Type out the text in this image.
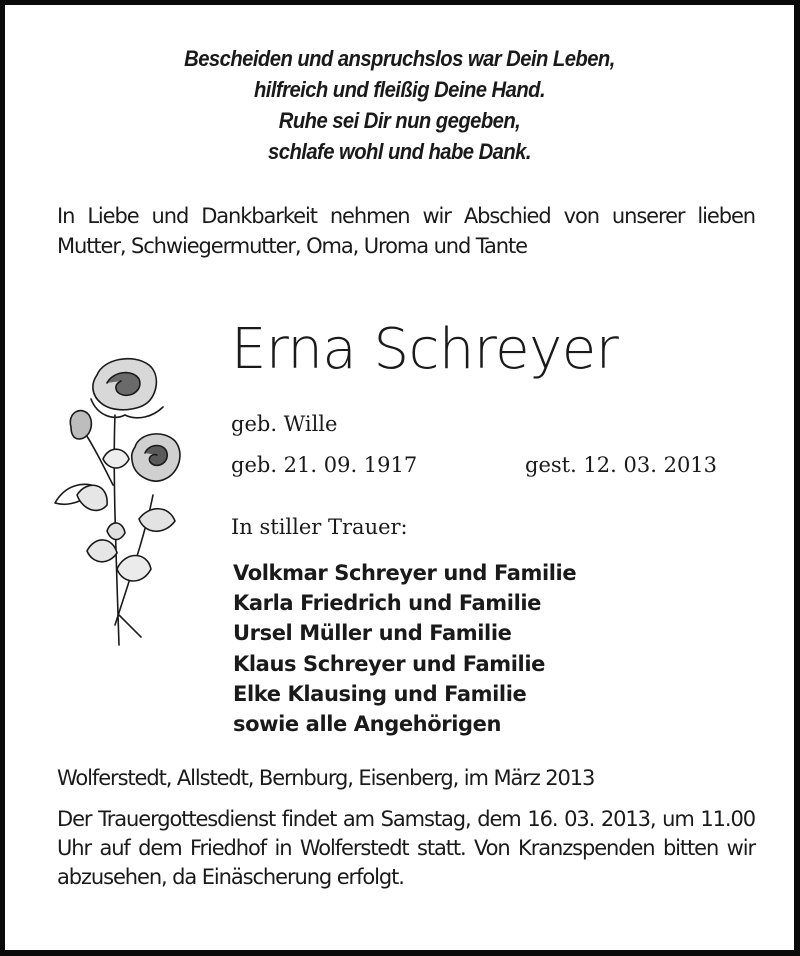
Bescheiden und anspruchslos war Dein Leben,
hilfreich und fleißig Deine Hand.
Ruhe sei Dir nun gegeben,
schlafe wohl und habe Dank.
In Liebe und Dankbarkeit nehmen wir Abschied von unserer lieben Mutter, Schwiegermutter, Oma, Uroma und Tante
Erna Schreyer
geb. Wille
geb. 21. 09. 1917	gest. 12. 03. 2013
In stiller Trauer:
Volkmar Schreyer und Familie
Karla Friedrich und Familie
Ursel Müller und Familie
Klaus Schreyer und Familie
Elke Klausing und Familie
sowie alle Angehörigen
Wolferstedt, Allstedt, Bernburg, Eisenberg, im März 2013
Der Trauergottesdienst findet am Samstag, dem 16. 03. 2013, um 11.00 Uhr auf dem Friedhof in Wolferstedt statt. Von Kranzspenden bitten wir abzusehen, da Einäscherung erfolgt.
